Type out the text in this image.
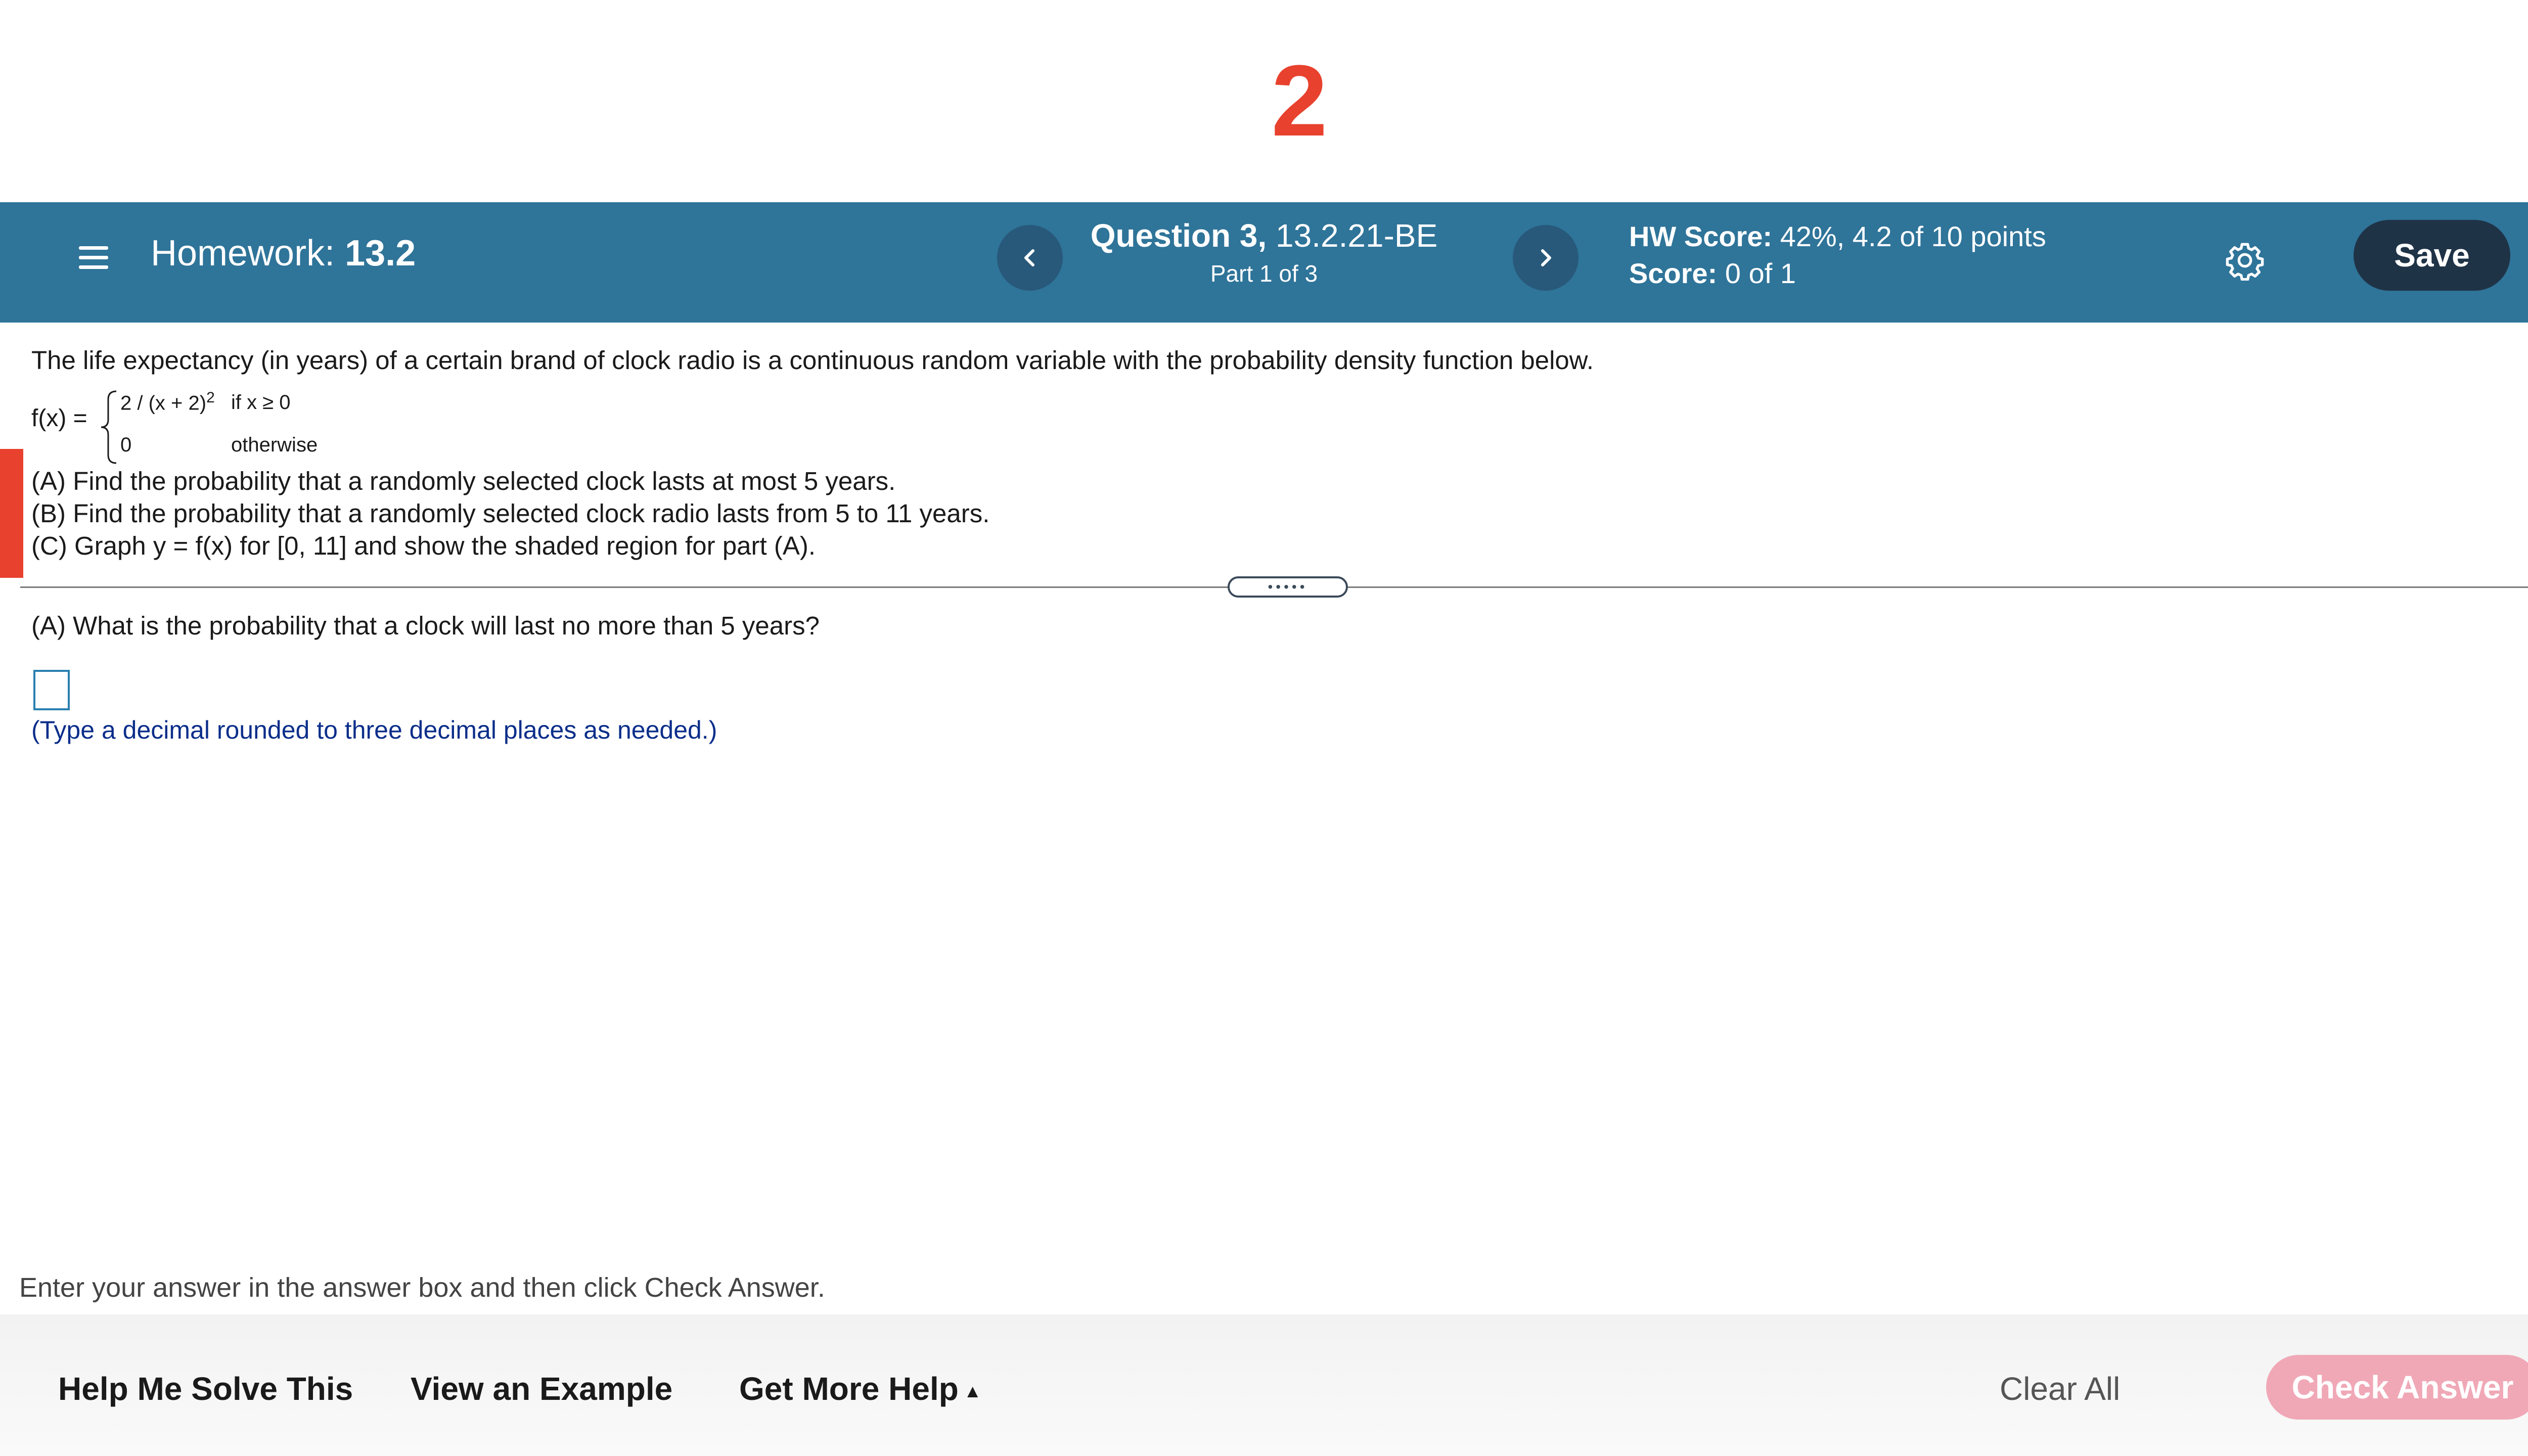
2
Homework: 13.2	Question 3, 13.2.21-BE
Part 1 of 3
HW Score: 42%, 4.2 of 10 points
Score: 0 of 1	Save
The life expectancy (in years) of a certain brand of clock radio is a continuous random variable with the probability density function below.
f(x) =
$2 / (x + 2)^2$ if x ≥ 0
0	otherwise
(A) Find the probability that a randomly selected clock lasts at most 5 years.
(B) Find the probability that a randomly selected clock radio lasts from 5 to 11 years.
(C) Graph y = f(x) for [0, 11] and show the shaded region for part (A).
•••••
(A) What is the probability that a clock will last no more than 5 years?
(Type a decimal rounded to three decimal places as needed.)
Enter your answer in the answer box and then click Check Answer.
Help Me Solve This View an Example Get More Help ▲	Clear All	Check Answer
